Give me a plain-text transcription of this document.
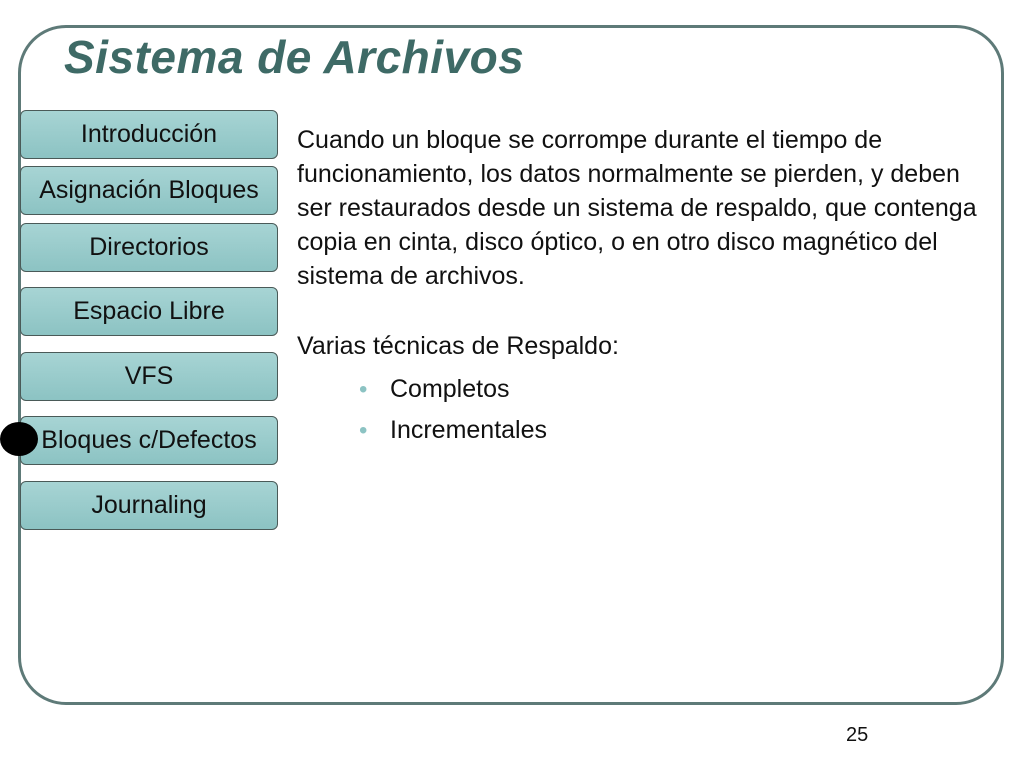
Sistema de Archivos
Introducción
Asignación Bloques
Directorios
Espacio Libre
VFS
Bloques c/Defectos
Journaling

Cuando un bloque se corrompe durante el tiempo de funcionamiento, los datos normalmente se pierden, y deben ser restaurados desde un sistema de respaldo, que contenga copia en cinta, disco óptico, o en otro disco magnético del sistema de archivos.

Varias técnicas de Respaldo:

• Completos
• Incrementales
25
